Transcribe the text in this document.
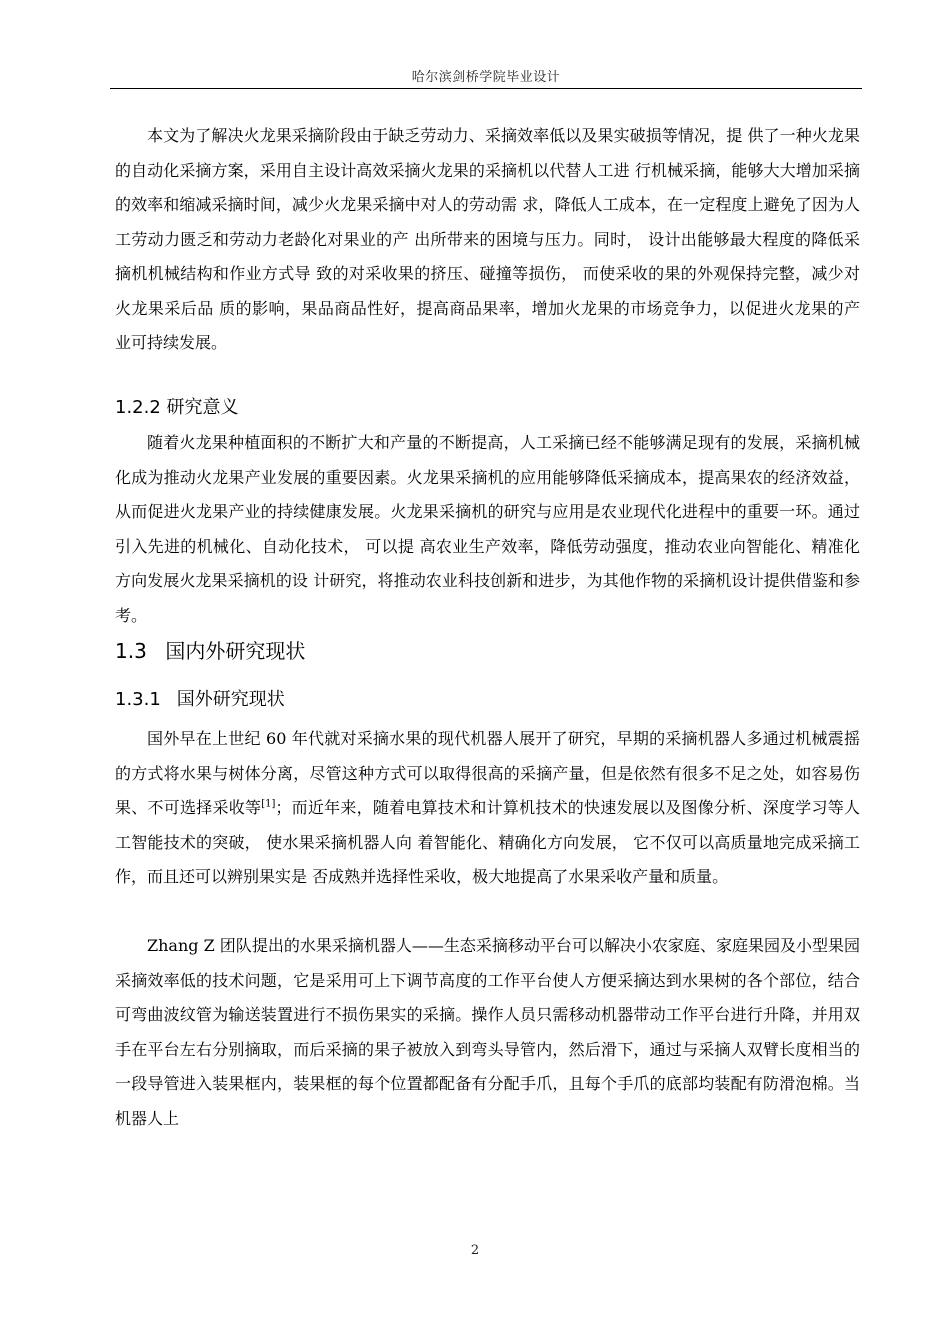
哈尔滨剑桥学院毕业设计

本文为了解决火龙果采摘阶段由于缺乏劳动力、采摘效率低以及果实破损等情况，提 供了一种火龙果的自动化采摘方案，采用自主设计高效采摘火龙果的采摘机以代替人工进 行机械采摘，能够大大增加采摘的效率和缩减采摘时间，减少火龙果采摘中对人的劳动需 求，降低人工成本，在一定程度上避免了因为人工劳动力匮乏和劳动力老龄化对果业的产 出所带来的困境与压力。同时， 设计出能够最大程度的降低采摘机机械结构和作业方式导 致的对采收果的挤压、碰撞等损伤， 而使采收的果的外观保持完整，减少对火龙果采后品 质的影响，果品商品性好，提高商品果率，增加火龙果的市场竞争力，以促进火龙果的产 业可持续发展。

1.2.2 研究意义

随着火龙果种植面积的不断扩大和产量的不断提高，人工采摘已经不能够满足现有的发展，采摘机械化成为推动火龙果产业发展的重要因素。火龙果采摘机的应用能够降低采摘成本，提高果农的经济效益，从而促进火龙果产业的持续健康发展。火龙果采摘机的研究与应用是农业现代化进程中的重要一环。通过引入先进的机械化、自动化技术， 可以提 高农业生产效率，降低劳动强度，推动农业向智能化、精准化方向发展火龙果采摘机的设 计研究，将推动农业科技创新和进步，为其他作物的采摘机设计提供借鉴和参考。

1.3 国内外研究现状
1.3.1 国外研究现状

国外早在上世纪 60 年代就对采摘水果的现代机器人展开了研究，早期的采摘机器人多通过机械震摇的方式将水果与树体分离，尽管这种方式可以取得很高的采摘产量，但是依然有很多不足之处，如容易伤果、不可选择采收等[1]；而近年来，随着电算技术和计算机技术的快速发展以及图像分析、深度学习等人工智能技术的突破， 使水果采摘机器人向 着智能化、精确化方向发展， 它不仅可以高质量地完成采摘工作，而且还可以辨别果实是 否成熟并选择性采收，极大地提高了水果采收产量和质量。

Zhang Z 团队提出的水果采摘机器人——生态采摘移动平台可以解决小农家庭、家庭果园及小型果园采摘效率低的技术问题，它是采用可上下调节高度的工作平台使人方便采摘达到水果树的各个部位，结合可弯曲波纹管为输送装置进行不损伤果实的采摘。操作人员只需移动机器带动工作平台进行升降，并用双手在平台左右分别摘取，而后采摘的果子被放入到弯头导管内，然后滑下，通过与采摘人双臂长度相当的一段导管进入装果框内，装果框的每个位置都配备有分配手爪，且每个手爪的底部均装配有防滑泡棉。当机器人上

2
